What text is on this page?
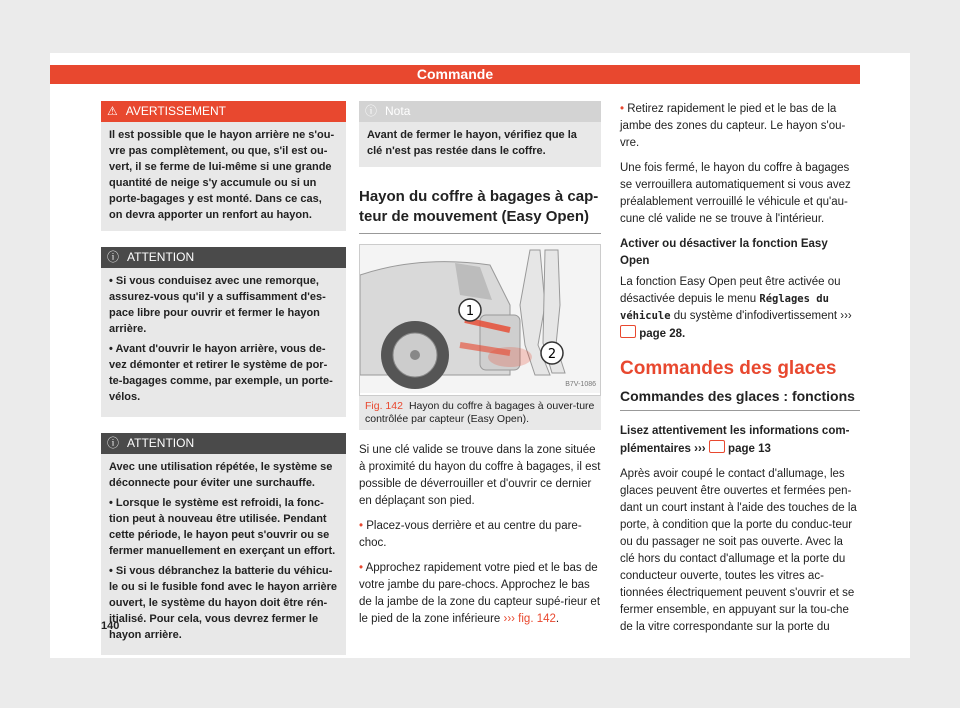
Commande
⚠ AVERTISSEMENT
Il est possible que le hayon arrière ne s'ou-vre pas complètement, ou que, s'il est ou-vert, il se ferme de lui-même si une grande quantité de neige s'y accumule ou si un porte-bagages y est monté. Dans ce cas, on devra apporter un renfort au hayon.
ⓘ ATTENTION

• Si vous conduisez avec une remorque, assurez-vous qu'il y a suffisamment d'es-pace libre pour ouvrir et fermer le hayon arrière.

• Avant d'ouvrir le hayon arrière, vous de-vez démonter et retirer le système de por-te-bagages comme, par exemple, un porte-vélos.

ⓘ ATTENTION

Avec une utilisation répétée, le système se déconnecte pour éviter une surchauffe.

• Lorsque le système est refroidi, la fonc-tion peut à nouveau être utilisée. Pendant cette période, le hayon peut s'ouvrir ou se fermer manuellement en exerçant un effort.

• Si vous débranchez la batterie du véhicu-le ou si le fusible fond avec le hayon arrière ouvert, le système du hayon doit être rén-itialisé. Pour cela, vous devrez fermer le hayon arrière.

140
ⓘ Nota
Avant de fermer le hayon, vérifiez que la clé n'est pas restée dans le coffre.
Hayon du coffre à bagages à cap-teur de mouvement (Easy Open)
1
2
B7V-1086
Fig. 142 Hayon du coffre à bagages à ouver-ture contrôlée par capteur (Easy Open).

Si une clé valide se trouve dans la zone située à proximité du hayon du coffre à bagages, il est possible de déverrouiller et d'ouvrir ce dernier en déplaçant son pied.

• Placez-vous derrière et au centre du pare-choc.

• Approchez rapidement votre pied et le bas de votre jambe du pare-chocs. Approchez le bas de la jambe de la zone du capteur supé-rieur et le pied de la zone inférieure ››› fig. 142.

• Retirez rapidement le pied et le bas de la jambe des zones du capteur. Le hayon s'ou-vre.

Une fois fermé, le hayon du coffre à bagages se verrouillera automatiquement si vous avez préalablement verrouillé le véhicule et qu'au-cune clé valide ne se trouve à l'intérieur.

Activer ou désactiver la fonction Easy Open

La fonction Easy Open peut être activée ou désactivée depuis le menu Réglages du véhicule du système d'infodivertissement ›››  page 28.

Commandes des glaces
Commandes des glaces : fonctions

Lisez attentivement les informations com-plémentaires ››› page 13

Après avoir coupé le contact d'allumage, les glaces peuvent être ouvertes et fermées pen-dant un court instant à l'aide des touches de la porte, à condition que la porte du conduc-teur ou du passager ne soit pas ouverte. Avec la clé hors du contact d'allumage et la porte du conducteur ouverte, toutes les vitres ac-tionnées électriquement peuvent s'ouvrir et se fermer ensemble, en appuyant sur la tou-che de la vitre correspondante sur la porte du
